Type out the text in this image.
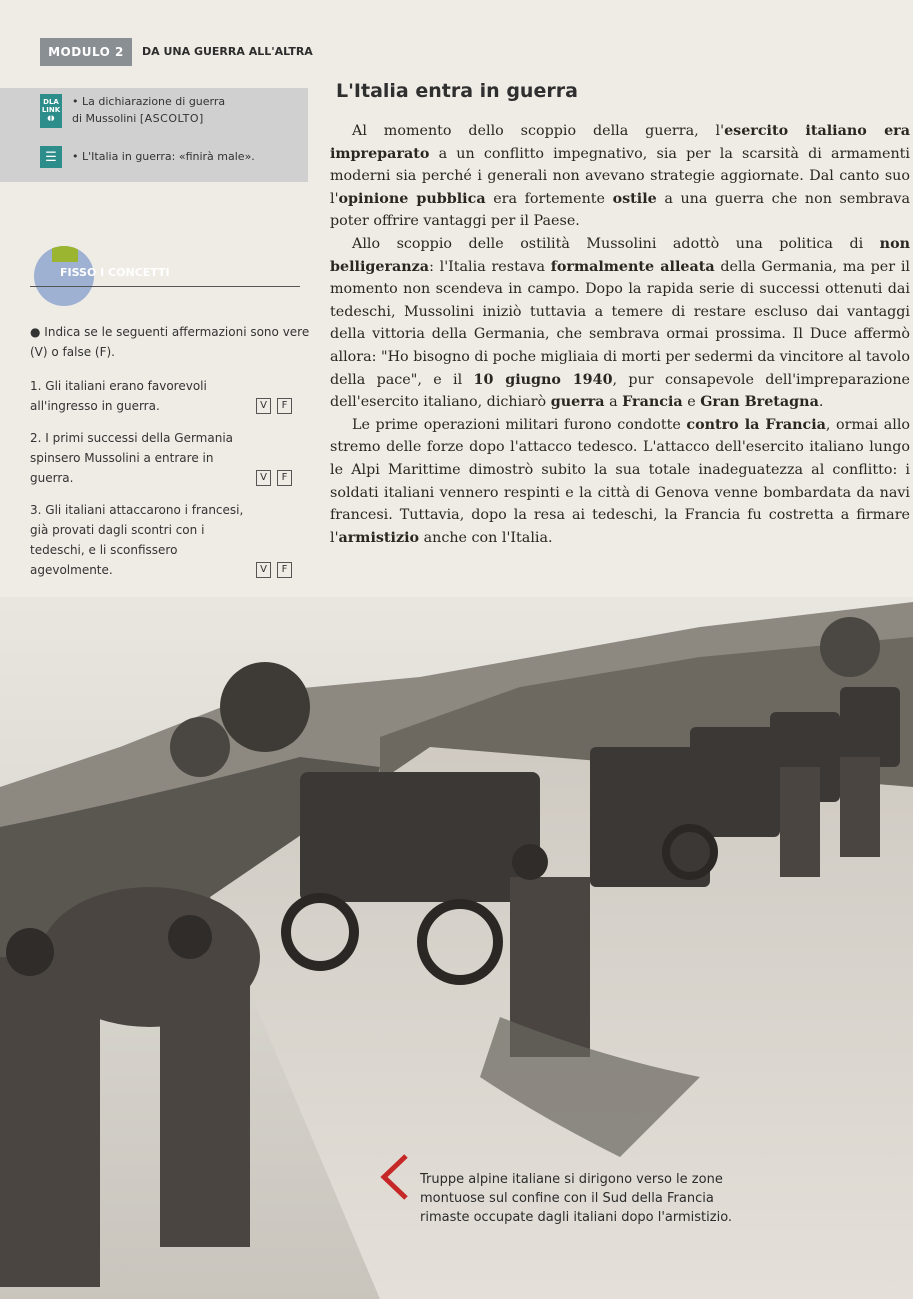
MODULO 2	DA UNA GUERRA ALL'ALTRA
DLA
LINK
◖◗
• La dichiarazione di guerra
di Mussolini [ASCOLTO]
☰	• L'Italia in guerra: «finirà male».
FISSO I CONCETTI
● Indica se le seguenti affermazioni sono vere (V) o false (F).
1. Gli italiani erano favorevoli all'ingresso in guerra.	V	F
2. I primi successi della Germania spinsero Mussolini a entrare in guerra.	V	F
3. Gli italiani attaccarono i francesi, già provati dagli scontri con i tedeschi, e li sconfissero agevolmente.	V	F
L'Italia entra in guerra

Al momento dello scoppio della guerra, l'esercito italiano era impreparato a un conflitto impegnativo, sia per la scarsità di armamenti moderni sia perché i generali non avevano strategie aggiornate. Dal canto suo l'opinione pubblica era fortemente ostile a una guerra che non sembrava poter offrire vantaggi per il Paese.

Allo scoppio delle ostilità Mussolini adottò una politica di non belligeranza: l'Italia restava formalmente alleata della Germania, ma per il momento non scendeva in campo. Dopo la rapida serie di successi ottenuti dai tedeschi, Mussolini iniziò tuttavia a temere di restare escluso dai vantaggi della vittoria della Germania, che sembrava ormai prossima. Il Duce affermò allora: "Ho bisogno di poche migliaia di morti per sedermi da vincitore al tavolo della pace", e il 10 giugno 1940, pur consapevole dell'impreparazione dell'esercito italiano, dichiarò guerra a Francia e Gran Bretagna.

Le prime operazioni militari furono condotte contro la Francia, ormai allo stremo delle forze dopo l'attacco tedesco. L'attacco dell'esercito italiano lungo le Alpi Marittime dimostrò subito la sua totale inadeguatezza al conflitto: i soldati italiani vennero respinti e la città di Genova venne bombardata da navi francesi. Tuttavia, dopo la resa ai tedeschi, la Francia fu costretta a firmare l'armistizio anche con l'Italia.

Truppe alpine italiane si dirigono verso le zone montuose sul confine con il Sud della Francia rimaste occupate dagli italiani dopo l'armistizio.
